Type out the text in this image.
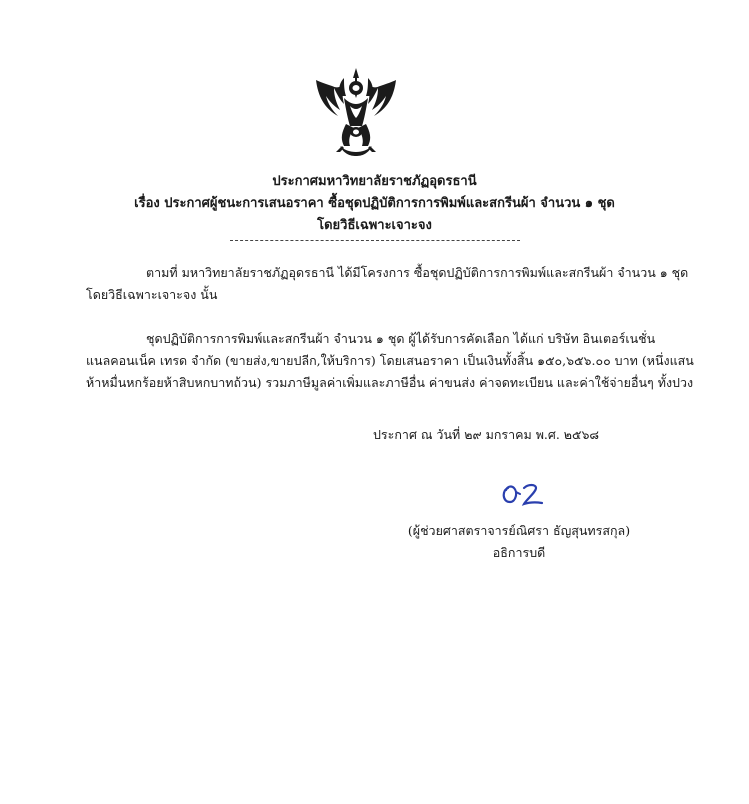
ประกาศมหาวิทยาลัยราชภัฏอุดรธานี
เรื่อง ประกาศผู้ชนะการเสนอราคา ซื้อชุดปฏิบัติการการพิมพ์และสกรีนผ้า จำนวน ๑ ชุด
โดยวิธีเฉพาะเจาะจง
ตามที่ มหาวิทยาลัยราชภัฏอุดรธานี ได้มีโครงการ ซื้อชุดปฏิบัติการการพิมพ์และสกรีนผ้า จำนวน ๑ ชุด
โดยวิธีเฉพาะเจาะจง นั้น
ชุดปฏิบัติการการพิมพ์และสกรีนผ้า จำนวน ๑ ชุด ผู้ได้รับการคัดเลือก ได้แก่ บริษัท อินเตอร์เนชั่น
แนลคอนเน็ค เทรด จำกัด (ขายส่ง,ขายปลีก,ให้บริการ) โดยเสนอราคา เป็นเงินทั้งสิ้น ๑๕๐,๖๕๖.๐๐ บาท (หนึ่งแสน
ห้าหมื่นหกร้อยห้าสิบหกบาทถ้วน) รวมภาษีมูลค่าเพิ่มและภาษีอื่น ค่าขนส่ง ค่าจดทะเบียน และค่าใช้จ่ายอื่นๆ ทั้งปวง
ประกาศ ณ วันที่ ๒๙ มกราคม พ.ศ. ๒๕๖๘
(ผู้ช่วยศาสตราจารย์ณิศรา ธัญสุนทรสกุล)
อธิการบดี
